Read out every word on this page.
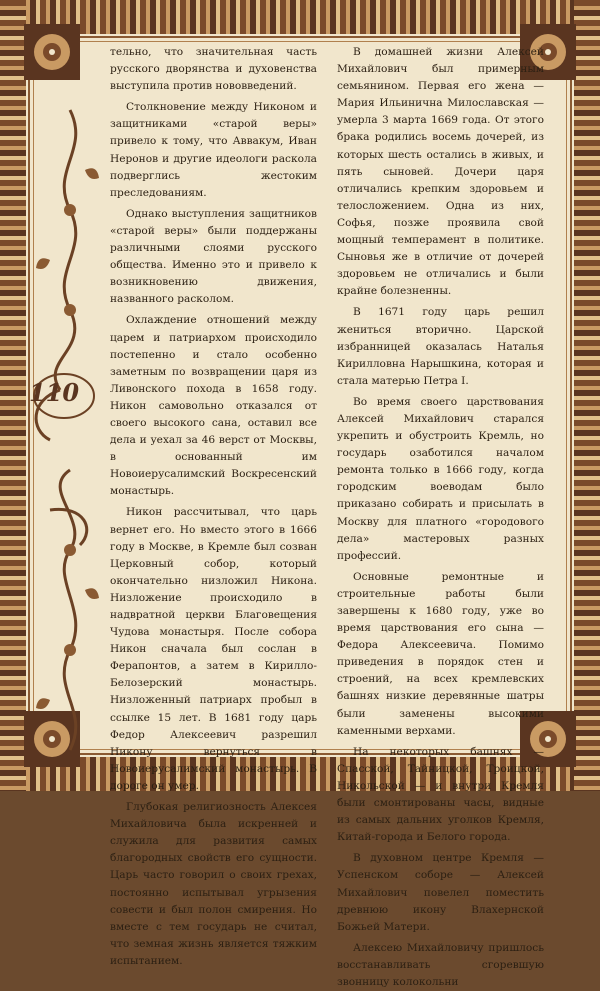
110

тельно, что значительная часть русского дворянства и духовенства выступила против нововведений.

Столкновение между Никоном и защитниками «старой веры» привело к тому, что Аввакум, Иван Неронов и другие идеологи раскола подверглись жестоким преследованиям.

Однако выступления защитников «старой веры» были поддержаны различными слоями русского общества. Именно это и привело к возникновению движения, названного расколом.

Охлаждение отношений между царем и патриархом происходило постепенно и стало особенно заметным по возвращении царя из Ливонского похода в 1658 году. Никон самовольно отказался от своего высокого сана, оставил все дела и уехал за 46 верст от Москвы, в основанный им Новоиерусалимский Воскресенский монастырь.

Никон рассчитывал, что царь вернет его. Но вместо этого в 1666 году в Москве, в Кремле был созван Церковный собор, который окончательно низложил Никона. Низложение происходило в надвратной церкви Благовещения Чудова монастыря. После собора Никон сначала был сослан в Ферапонтов, а затем в Кирилло-Белозерский монастырь. Низложенный патриарх пробыл в ссылке 15 лет. В 1681 году царь Федор Алексеевич разрешил Никону вернуться в Новоиерусалимский монастырь. В дороге он умер.

Глубокая религиозность Алексея Михайловича была искренней и служила для развития самых благородных свойств его сущности. Царь часто говорил о своих грехах, постоянно испытывал угрызения совести и был полон смирения. Но вместе с тем государь не считал, что земная жизнь является тяжким испытанием.

В домашней жизни Алексей Михайлович был примерным семьянином. Первая его жена — Мария Ильинична Милославская — умерла 3 марта 1669 года. От этого брака родились восемь дочерей, из которых шесть остались в живых, и пять сыновей. Дочери царя отличались крепким здоровьем и телосложением. Одна из них, Софья, позже проявила свой мощный темперамент в политике. Сыновья же в отличие от дочерей здоровьем не отличались и были крайне болезненны.

В 1671 году царь решил жениться вторично. Царской избранницей оказалась Наталья Кирилловна Нарышкина, которая и стала матерью Петра I.

Во время своего царствования Алексей Михайлович старался укрепить и обустроить Кремль, но государь озаботился началом ремонта только в 1666 году, когда городским воеводам было приказано собирать и присылать в Москву для платного «городового дела» мастеровых разных профессий.

Основные ремонтные и строительные работы были завершены к 1680 году, уже во время царствования его сына — Федора Алексеевича. Помимо приведения в порядок стен и строений, на всех кремлевских башнях низкие деревянные шатры были заменены высокими каменными верхами.

На некоторых башнях — Спасской, Тайницкой, Троицкой, Никольской — и внутри Кремля были смонтированы часы, видные из самых дальних уголков Кремля, Китай-города и Белого города.

В духовном центре Кремля — Успенском соборе — Алексей Михайлович повелел поместить древнюю икону Влахернской Божьей Матери.

Алексею Михайловичу пришлось восстанавливать сгоревшую звонницу колокольни
